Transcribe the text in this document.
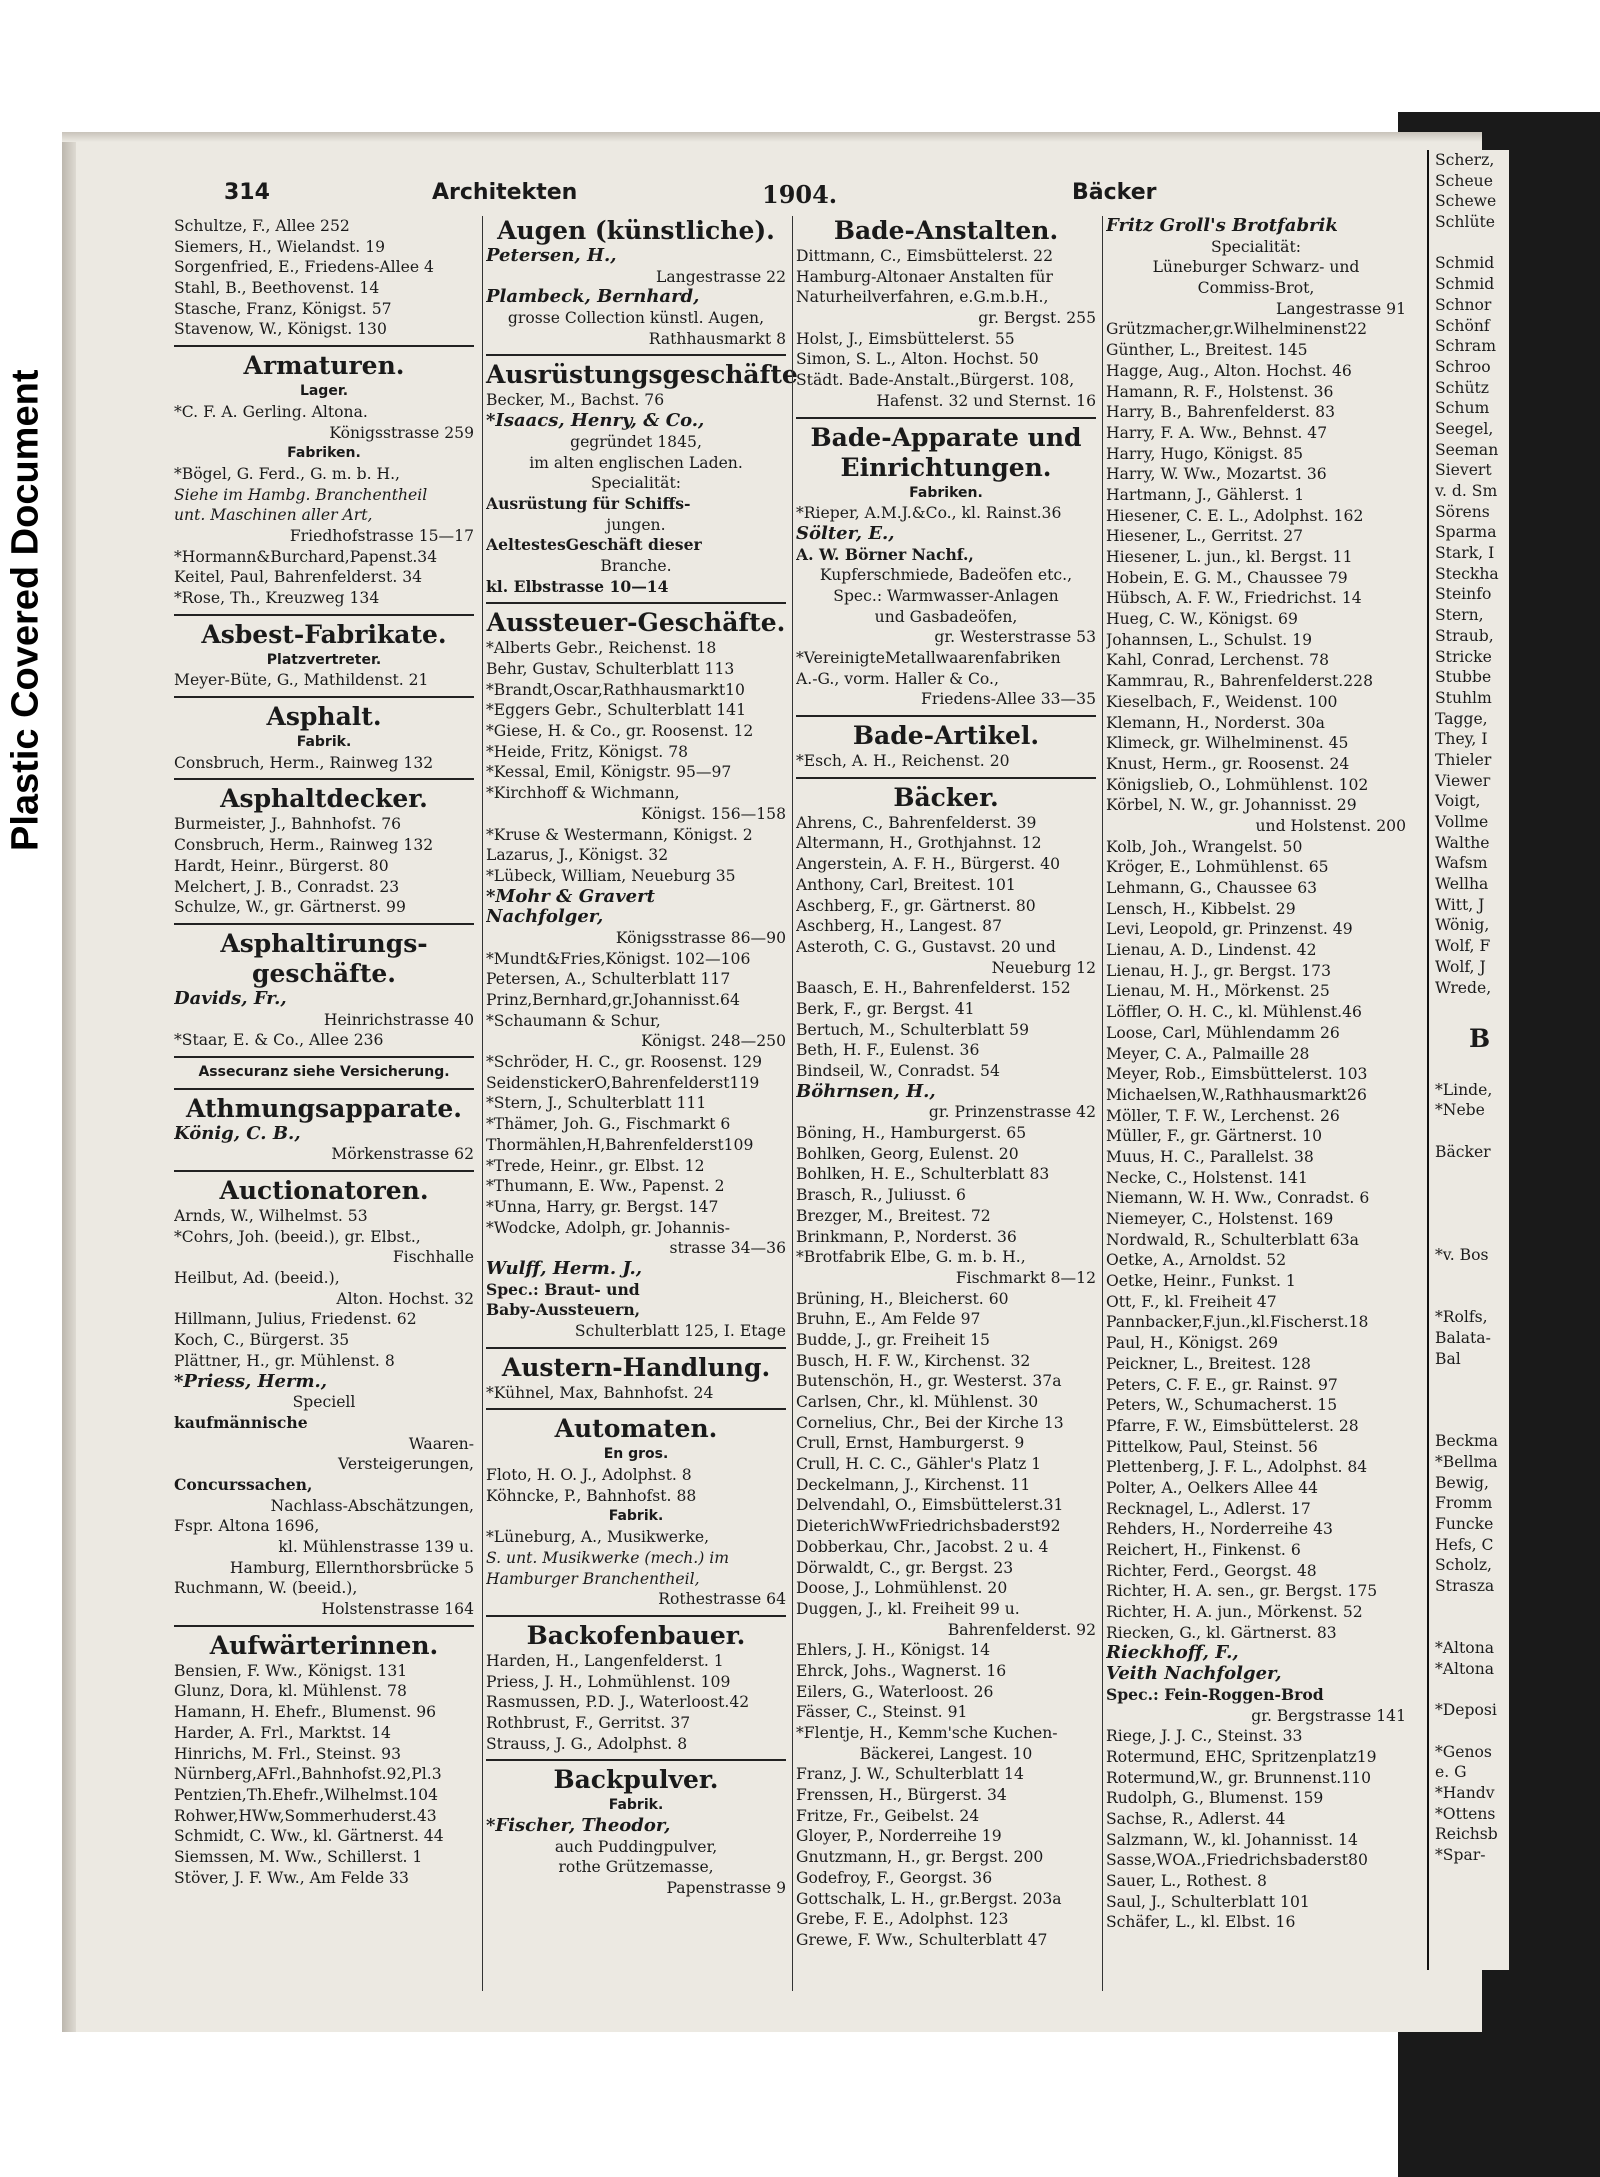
Plastic Covered Document
314	Architekten	1904.	Bäcker
Schultze, F., Allee 252
Siemers, H., Wielandst. 19
Sorgenfried, E., Friedens-Allee 4
Stahl, B., Beethovenst. 14
Stasche, Franz, Königst. 57
Stavenow, W., Königst. 130
Armaturen.
Lager.
*C. F. A. Gerling. Altona.
Königsstrasse 259
Fabriken.
*Bögel, G. Ferd., G. m. b. H.,
Siehe im Hambg. Branchentheil
unt. Maschinen aller Art,
Friedhofstrasse 15—17
*Hormann&Burchard,Papenst.34
Keitel, Paul, Bahrenfelderst. 34
*Rose, Th., Kreuzweg 134
Asbest-Fabrikate.
Platzvertreter.
Meyer-Büte, G., Mathildenst. 21
Asphalt.
Fabrik.
Consbruch, Herm., Rainweg 132
Asphaltdecker.
Burmeister, J., Bahnhofst. 76
Consbruch, Herm., Rainweg 132
Hardt, Heinr., Bürgerst. 80
Melchert, J. B., Conradst. 23
Schulze, W., gr. Gärtnerst. 99
Asphaltirungs-
geschäfte.
Davids, Fr.,
Heinrichstrasse 40
*Staar, E. & Co., Allee 236
Assecuranz siehe Versicherung.
Athmungsapparate.
König, C. B.,
Mörkenstrasse 62
Auctionatoren.
Arnds, W., Wilhelmst. 53
*Cohrs, Joh. (beeid.), gr. Elbst.,
Fischhalle
Heilbut, Ad. (beeid.),
Alton. Hochst. 32
Hillmann, Julius, Friedenst. 62
Koch, C., Bürgerst. 35
Plättner, H., gr. Mühlenst. 8
*Priess, Herm.,
Speciell
kaufmännische
Waaren-
Versteigerungen,
Concurssachen,
Nachlass-Abschätzungen,
Fspr. Altona 1696,
kl. Mühlenstrasse 139 u.
Hamburg, Ellernthorsbrücke 5
Ruchmann, W. (beeid.),
Holstenstrasse 164
Aufwärterinnen.
Bensien, F. Ww., Königst. 131
Glunz, Dora, kl. Mühlenst. 78
Hamann, H. Ehefr., Blumenst. 96
Harder, A. Frl., Marktst. 14
Hinrichs, M. Frl., Steinst. 93
Nürnberg,AFrl.,Bahnhofst.92,Pl.3
Pentzien,Th.Ehefr.,Wilhelmst.104
Rohwer,HWw,Sommerhuderst.43
Schmidt, C. Ww., kl. Gärtnerst. 44
Siemssen, M. Ww., Schillerst. 1
Stöver, J. F. Ww., Am Felde 33
Augen (künstliche).
Petersen, H.,
Langestrasse 22
Plambeck, Bernhard,
grosse Collection künstl. Augen,
Rathhausmarkt 8
Ausrüstungsgeschäfte
Becker, M., Bachst. 76
*Isaacs, Henry, & Co.,
gegründet 1845,
im alten englischen Laden.
Specialität:
Ausrüstung für Schiffs-
jungen.
AeltestesGeschäft dieser
Branche.
kl. Elbstrasse 10—14
Aussteuer-Geschäfte.
*Alberts Gebr., Reichenst. 18
Behr, Gustav, Schulterblatt 113
*Brandt,Oscar,Rathhausmarkt10
*Eggers Gebr., Schulterblatt 141
*Giese, H. & Co., gr. Roosenst. 12
*Heide, Fritz, Königst. 78
*Kessal, Emil, Königstr. 95—97
*Kirchhoff & Wichmann,
Königst. 156—158
*Kruse & Westermann, Königst. 2
Lazarus, J., Königst. 32
*Lübeck, William, Neueburg 35
*Mohr & Gravert
Nachfolger,
Königsstrasse 86—90
*Mundt&Fries,Königst. 102—106
Petersen, A., Schulterblatt 117
Prinz,Bernhard,gr.Johannisst.64
*Schaumann & Schur,
Königst. 248—250
*Schröder, H. C., gr. Roosenst. 129
SeidenstickerO,Bahrenfelderst119
*Stern, J., Schulterblatt 111
*Thämer, Joh. G., Fischmarkt 6
Thormählen,H,Bahrenfelderst109
*Trede, Heinr., gr. Elbst. 12
*Thumann, E. Ww., Papenst. 2
*Unna, Harry, gr. Bergst. 147
*Wodcke, Adolph, gr. Johannis-
strasse 34—36
Wulff, Herm. J.,
Spec.: Braut- und
Baby-Aussteuern,
Schulterblatt 125, I. Etage
Austern-Handlung.
*Kühnel, Max, Bahnhofst. 24
Automaten.
En gros.
Floto, H. O. J., Adolphst. 8
Köhncke, P., Bahnhofst. 88
Fabrik.
*Lüneburg, A., Musikwerke,
S. unt. Musikwerke (mech.) im
Hamburger Branchentheil,
Rothestrasse 64
Backofenbauer.
Harden, H., Langenfelderst. 1
Priess, J. H., Lohmühlenst. 109
Rasmussen, P.D. J., Waterloost.42
Rothbrust, F., Gerritst. 37
Strauss, J. G., Adolphst. 8
Backpulver.
Fabrik.
*Fischer, Theodor,
auch Puddingpulver,
rothe Grützemasse,
Papenstrasse 9
Bade-Anstalten.
Dittmann, C., Eimsbüttelerst. 22
Hamburg-Altonaer Anstalten für
Naturheilverfahren, e.G.m.b.H.,
gr. Bergst. 255
Holst, J., Eimsbüttelerst. 55
Simon, S. L., Alton. Hochst. 50
Städt. Bade-Anstalt.,Bürgerst. 108,
Hafenst. 32 und Sternst. 16
Bade-Apparate und
Einrichtungen.
Fabriken.
*Rieper, A.M.J.&Co., kl. Rainst.36
Sölter, E.,
A. W. Börner Nachf.,
Kupferschmiede, Badeöfen etc.,
Spec.: Warmwasser-Anlagen
und Gasbadeöfen,
gr. Westerstrasse 53
*VereinigteMetallwaarenfabriken
A.-G., vorm. Haller & Co.,
Friedens-Allee 33—35
Bade-Artikel.
*Esch, A. H., Reichenst. 20
Bäcker.
Ahrens, C., Bahrenfelderst. 39
Altermann, H., Grothjahnst. 12
Angerstein, A. F. H., Bürgerst. 40
Anthony, Carl, Breitest. 101
Aschberg, F., gr. Gärtnerst. 80
Aschberg, H., Langest. 87
Asteroth, C. G., Gustavst. 20 und
Neueburg 12
Baasch, E. H., Bahrenfelderst. 152
Berk, F., gr. Bergst. 41
Bertuch, M., Schulterblatt 59
Beth, H. F., Eulenst. 36
Bindseil, W., Conradst. 54
Böhrnsen, H.,
gr. Prinzenstrasse 42
Böning, H., Hamburgerst. 65
Bohlken, Georg, Eulenst. 20
Bohlken, H. E., Schulterblatt 83
Brasch, R., Juliusst. 6
Brezger, M., Breitest. 72
Brinkmann, P., Norderst. 36
*Brotfabrik Elbe, G. m. b. H.,
Fischmarkt 8—12
Brüning, H., Bleicherst. 60
Bruhn, E., Am Felde 97
Budde, J., gr. Freiheit 15
Busch, H. F. W., Kirchenst. 32
Butenschön, H., gr. Westerst. 37a
Carlsen, Chr., kl. Mühlenst. 30
Cornelius, Chr., Bei der Kirche 13
Crull, Ernst, Hamburgerst. 9
Crull, H. C. C., Gähler's Platz 1
Deckelmann, J., Kirchenst. 11
Delvendahl, O., Eimsbüttelerst.31
DieterichWwFriedrichsbaderst92
Dobberkau, Chr., Jacobst. 2 u. 4
Dörwaldt, C., gr. Bergst. 23
Doose, J., Lohmühlenst. 20
Duggen, J., kl. Freiheit 99 u.
Bahrenfelderst. 92
Ehlers, J. H., Königst. 14
Ehrck, Johs., Wagnerst. 16
Eilers, G., Waterloost. 26
Fässer, C., Steinst. 91
*Flentje, H., Kemm'sche Kuchen-
Bäckerei, Langest. 10
Franz, J. W., Schulterblatt 14
Frenssen, H., Bürgerst. 34
Fritze, Fr., Geibelst. 24
Gloyer, P., Norderreihe 19
Gnutzmann, H., gr. Bergst. 200
Godefroy, F., Georgst. 36
Gottschalk, L. H., gr.Bergst. 203a
Grebe, F. E., Adolphst. 123
Grewe, F. Ww., Schulterblatt 47
Fritz Groll's Brotfabrik
Specialität:
Lüneburger Schwarz- und
Commiss-Brot,
Langestrasse 91
Grützmacher,gr.Wilhelminenst22
Günther, L., Breitest. 145
Hagge, Aug., Alton. Hochst. 46
Hamann, R. F., Holstenst. 36
Harry, B., Bahrenfelderst. 83
Harry, F. A. Ww., Behnst. 47
Harry, Hugo, Königst. 85
Harry, W. Ww., Mozartst. 36
Hartmann, J., Gählerst. 1
Hiesener, C. E. L., Adolphst. 162
Hiesener, L., Gerritst. 27
Hiesener, L. jun., kl. Bergst. 11
Hobein, E. G. M., Chaussee 79
Hübsch, A. F. W., Friedrichst. 14
Hueg, C. W., Königst. 69
Johannsen, L., Schulst. 19
Kahl, Conrad, Lerchenst. 78
Kammrau, R., Bahrenfelderst.228
Kieselbach, F., Weidenst. 100
Klemann, H., Norderst. 30a
Klimeck, gr. Wilhelminenst. 45
Knust, Herm., gr. Roosenst. 24
Königslieb, O., Lohmühlenst. 102
Körbel, N. W., gr. Johannisst. 29
und Holstenst. 200
Kolb, Joh., Wrangelst. 50
Kröger, E., Lohmühlenst. 65
Lehmann, G., Chaussee 63
Lensch, H., Kibbelst. 29
Levi, Leopold, gr. Prinzenst. 49
Lienau, A. D., Lindenst. 42
Lienau, H. J., gr. Bergst. 173
Lienau, M. H., Mörkenst. 25
Löffler, O. H. C., kl. Mühlenst.46
Loose, Carl, Mühlendamm 26
Meyer, C. A., Palmaille 28
Meyer, Rob., Eimsbüttelerst. 103
Michaelsen,W.,Rathhausmarkt26
Möller, T. F. W., Lerchenst. 26
Müller, F., gr. Gärtnerst. 10
Muus, H. C., Parallelst. 38
Necke, C., Holstenst. 141
Niemann, W. H. Ww., Conradst. 6
Niemeyer, C., Holstenst. 169
Nordwald, R., Schulterblatt 63a
Oetke, A., Arnoldst. 52
Oetke, Heinr., Funkst. 1
Ott, F., kl. Freiheit 47
Pannbacker,F.jun.,kl.Fischerst.18
Paul, H., Königst. 269
Peickner, L., Breitest. 128
Peters, C. F. E., gr. Rainst. 97
Peters, W., Schumacherst. 15
Pfarre, F. W., Eimsbüttelerst. 28
Pittelkow, Paul, Steinst. 56
Plettenberg, J. F. L., Adolphst. 84
Polter, A., Oelkers Allee 44
Recknagel, L., Adlerst. 17
Rehders, H., Norderreihe 43
Reichert, H., Finkenst. 6
Richter, Ferd., Georgst. 48
Richter, H. A. sen., gr. Bergst. 175
Richter, H. A. jun., Mörkenst. 52
Riecken, G., kl. Gärtnerst. 83
Rieckhoff, F.,
Veith Nachfolger,
Spec.: Fein-Roggen-Brod
gr. Bergstrasse 141
Riege, J. J. C., Steinst. 33
Rotermund, EHC, Spritzenplatz19
Rotermund,W., gr. Brunnenst.110
Rudolph, G., Blumenst. 159
Sachse, R., Adlerst. 44
Salzmann, W., kl. Johannisst. 14
Sasse,WOA.,Friedrichsbaderst80
Sauer, L., Rothest. 8
Saul, J., Schulterblatt 101
Schäfer, L., kl. Elbst. 16
Scherz,
Scheue
Schewe
Schlüte
Schmid
Schmid
Schnor
Schönf
Schram
Schroo
Schütz
Schum
Seegel,
Seeman
Sievert
v. d. Sm
Sörens
Sparma
Stark, I
Steckha
Steinfo
Stern,
Straub,
Stricke
Stubbe
Stuhlm
Tagge,
They, I
Thieler
Viewег
Voigt,
Vollme
Walthe
Wafsm
Wellha
Witt, J
Wönig,
Wolf, F
Wolf, J
Wrede,
B
*Linde,
*Nebe
Bäcker
*v. Bos
*Rolfs,
Balata-
Bal
Beckma
*Bellma
Bewig,
Fromm
Funcke
Hefs, C
Scholz,
Strasza
*Altona
*Altona
*Deposi
*Genos
e. G
*Handv
*Ottens
Reichsb
*Spar-
